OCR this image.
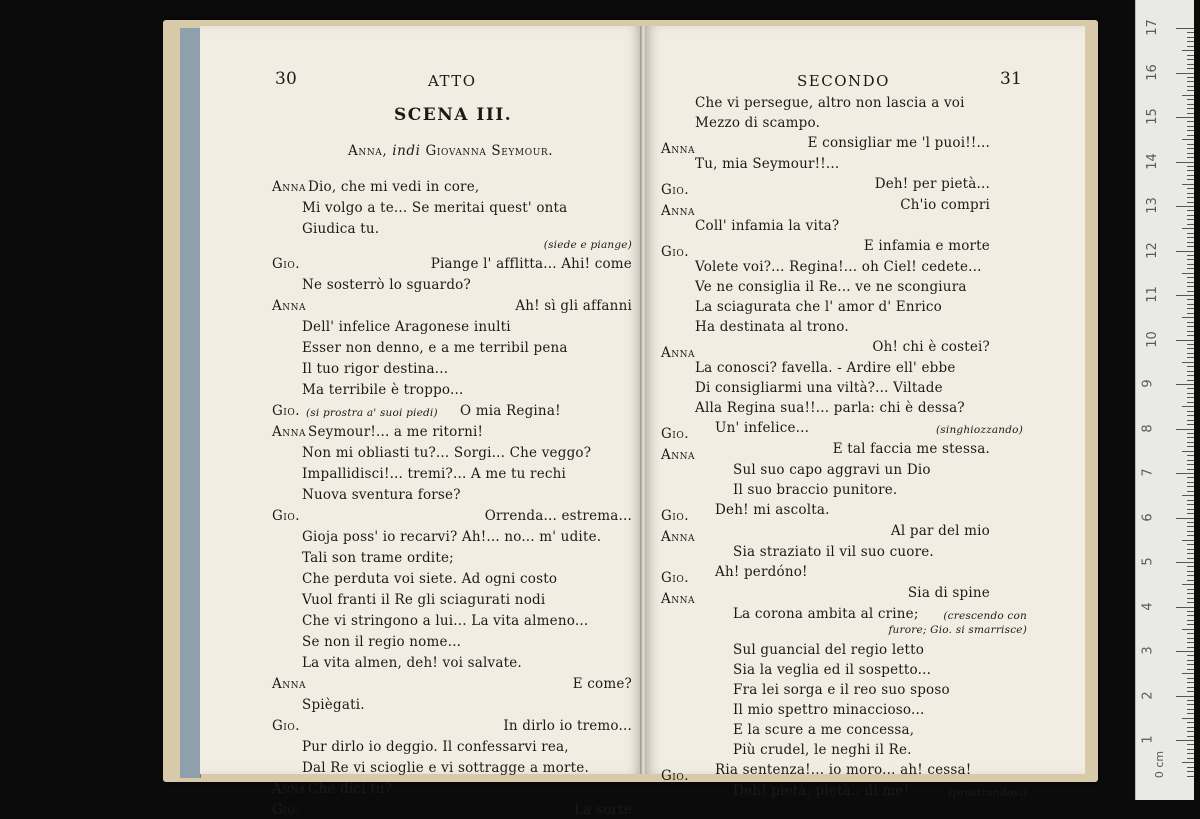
30	ATTO
SCENA III.
Anna, indi Giovanna Seymour.
Anna Dio, che mi vedi in core,
Mi volgo a te... Se meritai quest' onta
Giudica tu.
(siede e piange)
Gio.	Piange l' afflitta... Ahi! come
Ne sosterrò lo sguardo?
Anna	Ah! sì gli affanni
Dell' infelice Aragonese inulti
Esser non denno, e a me terribil pena
Il tuo rigor destina...
Ma terribile è troppo...
Gio. (si prostra a' suoi piedi) O mia Regina!
Anna Seymour!... a me ritorni!
Non mi obliasti tu?... Sorgi... Che veggo?
Impallidisci!... tremi?... A me tu rechi
Nuova sventura forse?
Gio.	Orrenda... estrema...
Gioja poss' io recarvi? Ah!... no... m' udite.
Tali son trame ordite;
Che perduta voi siete. Ad ogni costo
Vuol franti il Re gli sciagurati nodi
Che vi stringono a lui... La vita almeno...
Se non il regio nome...
La vita almen, deh! voi salvate.
Anna	E come?
Spiègati.
Gio.	In dirlo io tremo...
Pur dirlo io deggio. Il confessarvi rea,
Dal Re vi scioglie e vi sottragge a morte.
Anna Che dici tu?
Gio.	La sorte
SECONDO	31
Che vi persegue, altro non lascia a voi
Mezzo di scampo.
Anna	E consigliar me 'l puoi!!...
Tu, mia Seymour!!...
Gio.	Deh! per pietà...
Anna	Ch'io compri
Coll' infamia la vita?
Gio.	E infamia e morte
Volete voi?... Regina!... oh Ciel! cedete...
Ve ne consiglia il Re... ve ne scongiura
La sciagurata che l' amor d' Enrico
Ha destinata al trono.
Anna	Oh! chi è costei?
La conosci? favella. - Ardire ell' ebbe
Di consigliarmi una viltà?... Viltade
Alla Regina sua!!... parla: chi è dessa?
Gio. Un' infelice...	(singhiozzando)
Anna	E tal faccia me stessa.
Sul suo capo aggravi un Dio
Il suo braccio punitore.
Gio. Deh! mi ascolta.
Anna	Al par del mio
Sia straziato il vil suo cuore.
Gio. Ah! perdóno!
Anna	Sia di spine
La corona ambita al crine; (crescendo con
furore; Gio. si smarrisce)
Sul guancial del regio letto
Sia la veglia ed il sospetto...
Fra lei sorga e il reo suo sposo
Il mio spettro minaccioso...
E la scure a me concessa,
Più crudel, le neghi il Re.
Gio. Ria sentenza!... io moro... ah! cessa!
Deh! pietà, pietà.. di me!	(prostrandosi)
17
16
15
14
13
12
11
10
9
8
7
6
5
4
3
2
1
0 cm
